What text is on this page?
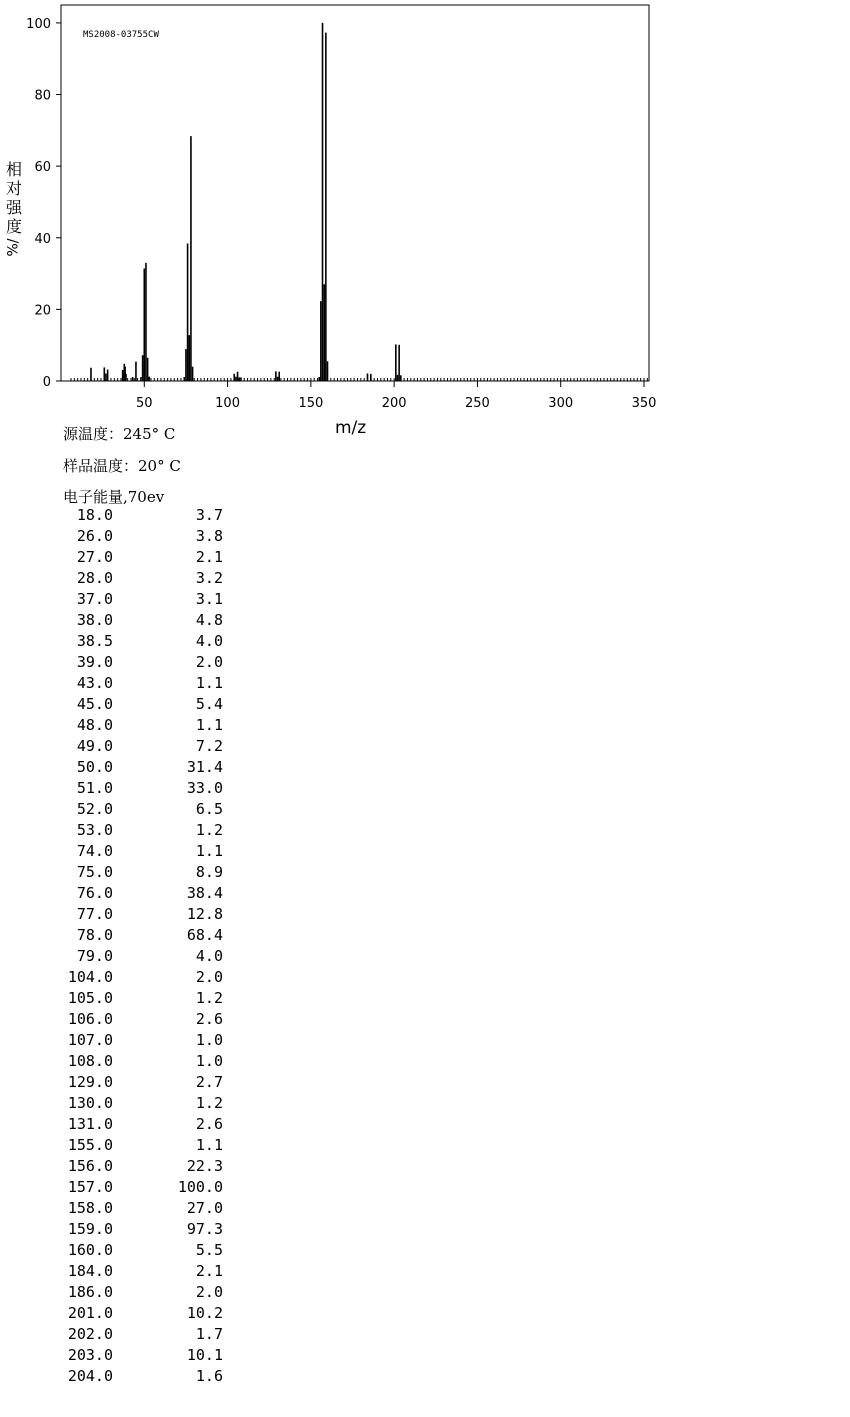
0
20
40
60
80
100
50	100	150	200	250	300	350
MS2008-03755CW
相
对
强
度
%/
m/z
源温度：245° C
样品温度：20° C
电子能量,70ev
18.0	3.7
26.0	3.8
27.0	2.1
28.0	3.2
37.0	3.1
38.0	4.8
38.5	4.0
39.0	2.0
43.0	1.1
45.0	5.4
48.0	1.1
49.0	7.2
50.0	31.4
51.0	33.0
52.0	6.5
53.0	1.2
74.0	1.1
75.0	8.9
76.0	38.4
77.0	12.8
78.0	68.4
79.0	4.0
104.0	2.0
105.0	1.2
106.0	2.6
107.0	1.0
108.0	1.0
129.0	2.7
130.0	1.2
131.0	2.6
155.0	1.1
156.0	22.3
157.0	100.0
158.0	27.0
159.0	97.3
160.0	5.5
184.0	2.1
186.0	2.0
201.0	10.2
202.0	1.7
203.0	10.1
204.0	1.6
